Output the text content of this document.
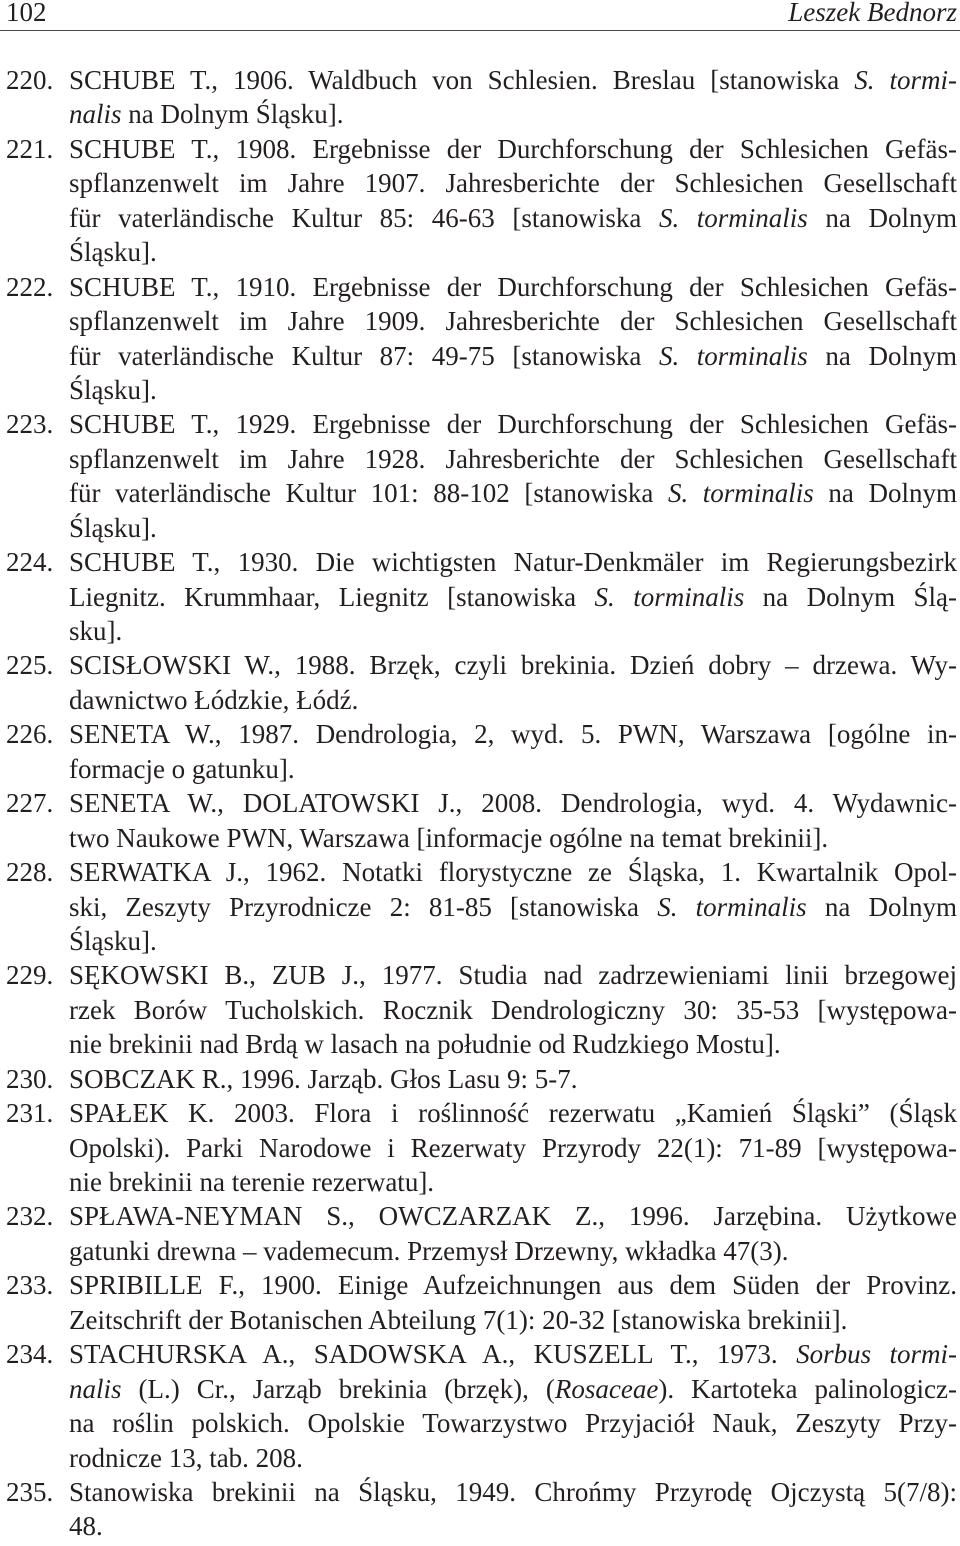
102	Leszek Bednorz
220. SCHUBE T., 1906. Waldbuch von Schlesien. Breslau [stanowiska S. tormi-
nalis na Dolnym Śląsku].
221. SCHUBE T., 1908. Ergebnisse der Durchforschung der Schlesichen Gefäs-
spflanzenwelt im Jahre 1907. Jahresberichte der Schlesichen Gesellschaft
für vaterländische Kultur 85: 46-63 [stanowiska S. torminalis na Dolnym
Śląsku].
222. SCHUBE T., 1910. Ergebnisse der Durchforschung der Schlesichen Gefäs-
spflanzenwelt im Jahre 1909. Jahresberichte der Schlesichen Gesellschaft
für vaterländische Kultur 87: 49-75 [stanowiska S. torminalis na Dolnym
Śląsku].
223. SCHUBE T., 1929. Ergebnisse der Durchforschung der Schlesichen Gefäs-
spflanzenwelt im Jahre 1928. Jahresberichte der Schlesichen Gesellschaft
für vaterländische Kultur 101: 88-102 [stanowiska S. torminalis na Dolnym
Śląsku].
224. SCHUBE T., 1930. Die wichtigsten Natur-Denkmäler im Regierungsbezirk
Liegnitz. Krummhaar, Liegnitz [stanowiska S. torminalis na Dolnym Ślą-
sku].
225. SCISŁOWSKI W., 1988. Brzęk, czyli brekinia. Dzień dobry – drzewa. Wy-
dawnictwo Łódzkie, Łódź.
226. SENETA W., 1987. Dendrologia, 2, wyd. 5. PWN, Warszawa [ogólne in-
formacje o gatunku].
227. SENETA W., DOLATOWSKI J., 2008. Dendrologia, wyd. 4. Wydawnic-
two Naukowe PWN, Warszawa [informacje ogólne na temat brekinii].
228. SERWATKA J., 1962. Notatki florystyczne ze Śląska, 1. Kwartalnik Opol-
ski, Zeszyty Przyrodnicze 2: 81-85 [stanowiska S. torminalis na Dolnym
Śląsku].
229. SĘKOWSKI B., ZUB J., 1977. Studia nad zadrzewieniami linii brzegowej
rzek Borów Tucholskich. Rocznik Dendrologiczny 30: 35-53 [występowa-
nie brekinii nad Brdą w lasach na południe od Rudzkiego Mostu].
230. SOBCZAK R., 1996. Jarząb. Głos Lasu 9: 5-7.
231. SPAŁEK K. 2003. Flora i roślinność rezerwatu „Kamień Śląski” (Śląsk
Opolski). Parki Narodowe i Rezerwaty Przyrody 22(1): 71-89 [występowa-
nie brekinii na terenie rezerwatu].
232. SPŁAWA-NEYMAN S., OWCZARZAK Z., 1996. Jarzębina. Użytkowe
gatunki drewna – vademecum. Przemysł Drzewny, wkładka 47(3).
233. SPRIBILLE F., 1900. Einige Aufzeichnungen aus dem Süden der Provinz.
Zeitschrift der Botanischen Abteilung 7(1): 20-32 [stanowiska brekinii].
234. STACHURSKA A., SADOWSKA A., KUSZELL T., 1973. Sorbus tormi-
nalis (L.) Cr., Jarząb brekinia (brzęk), (Rosaceae). Kartoteka palinologicz-
na roślin polskich. Opolskie Towarzystwo Przyjaciół Nauk, Zeszyty Przy-
rodnicze 13, tab. 208.
235. Stanowiska brekinii na Śląsku, 1949. Chrońmy Przyrodę Ojczystą 5(7/8):
48.
